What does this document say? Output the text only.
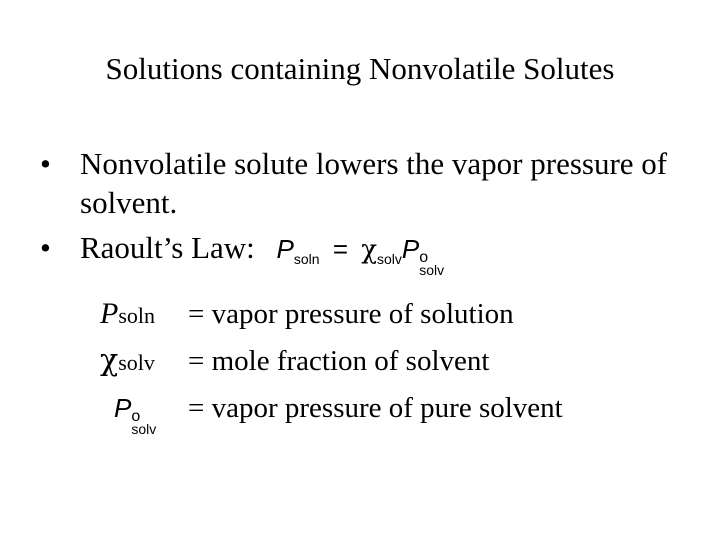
Solutions containing Nonvolatile Solutes
• Nonvolatile solute lowers the vapor pressure of solvent.
• Raoult’s Law: $P_{soln} = \chi_{solv}P$ o
solv
Psoln	= vapor pressure of solution
χsolv	= mole fraction of solvent
P o
solv
= vapor pressure of pure solvent
